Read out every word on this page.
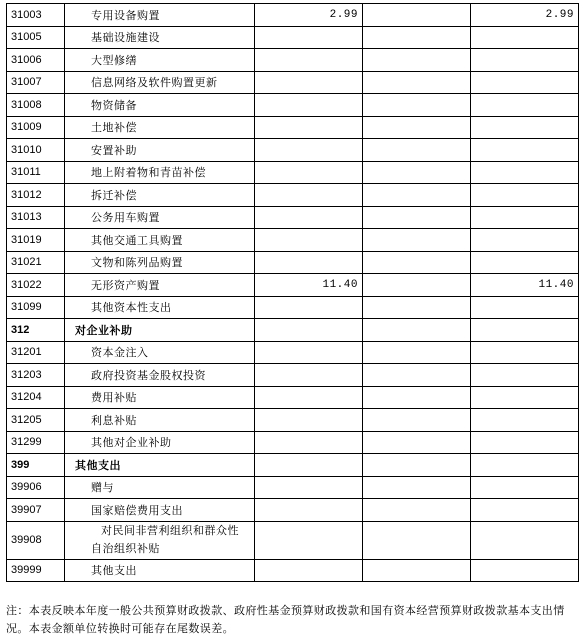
31003	专用设备购置	2.99		2.99
31005	基础设施建设			
31006	大型修缮			
31007	信息网络及软件购置更新			
31008	物资储备			
31009	土地补偿			
31010	安置补助			
31011	地上附着物和青苗补偿			
31012	拆迁补偿			
31013	公务用车购置			
31019	其他交通工具购置			
31021	文物和陈列品购置			
31022	无形资产购置	11.40		11.40
31099	其他资本性支出			
312	对企业补助			
31201	资本金注入			
31203	政府投资基金股权投资			
31204	费用补贴			
31205	利息补贴			
31299	其他对企业补助			
399	其他支出			
39906	赠与			
39907	国家赔偿费用支出			
39908	对民间非营利组织和群众性自治组织补贴			
39999	其他支出			
注：本表反映本年度一般公共预算财政拨款、政府性基金预算财政拨款和国有资本经营预算财政拨款基本支出情况。本表金额单位转换时可能存在尾数误差。
